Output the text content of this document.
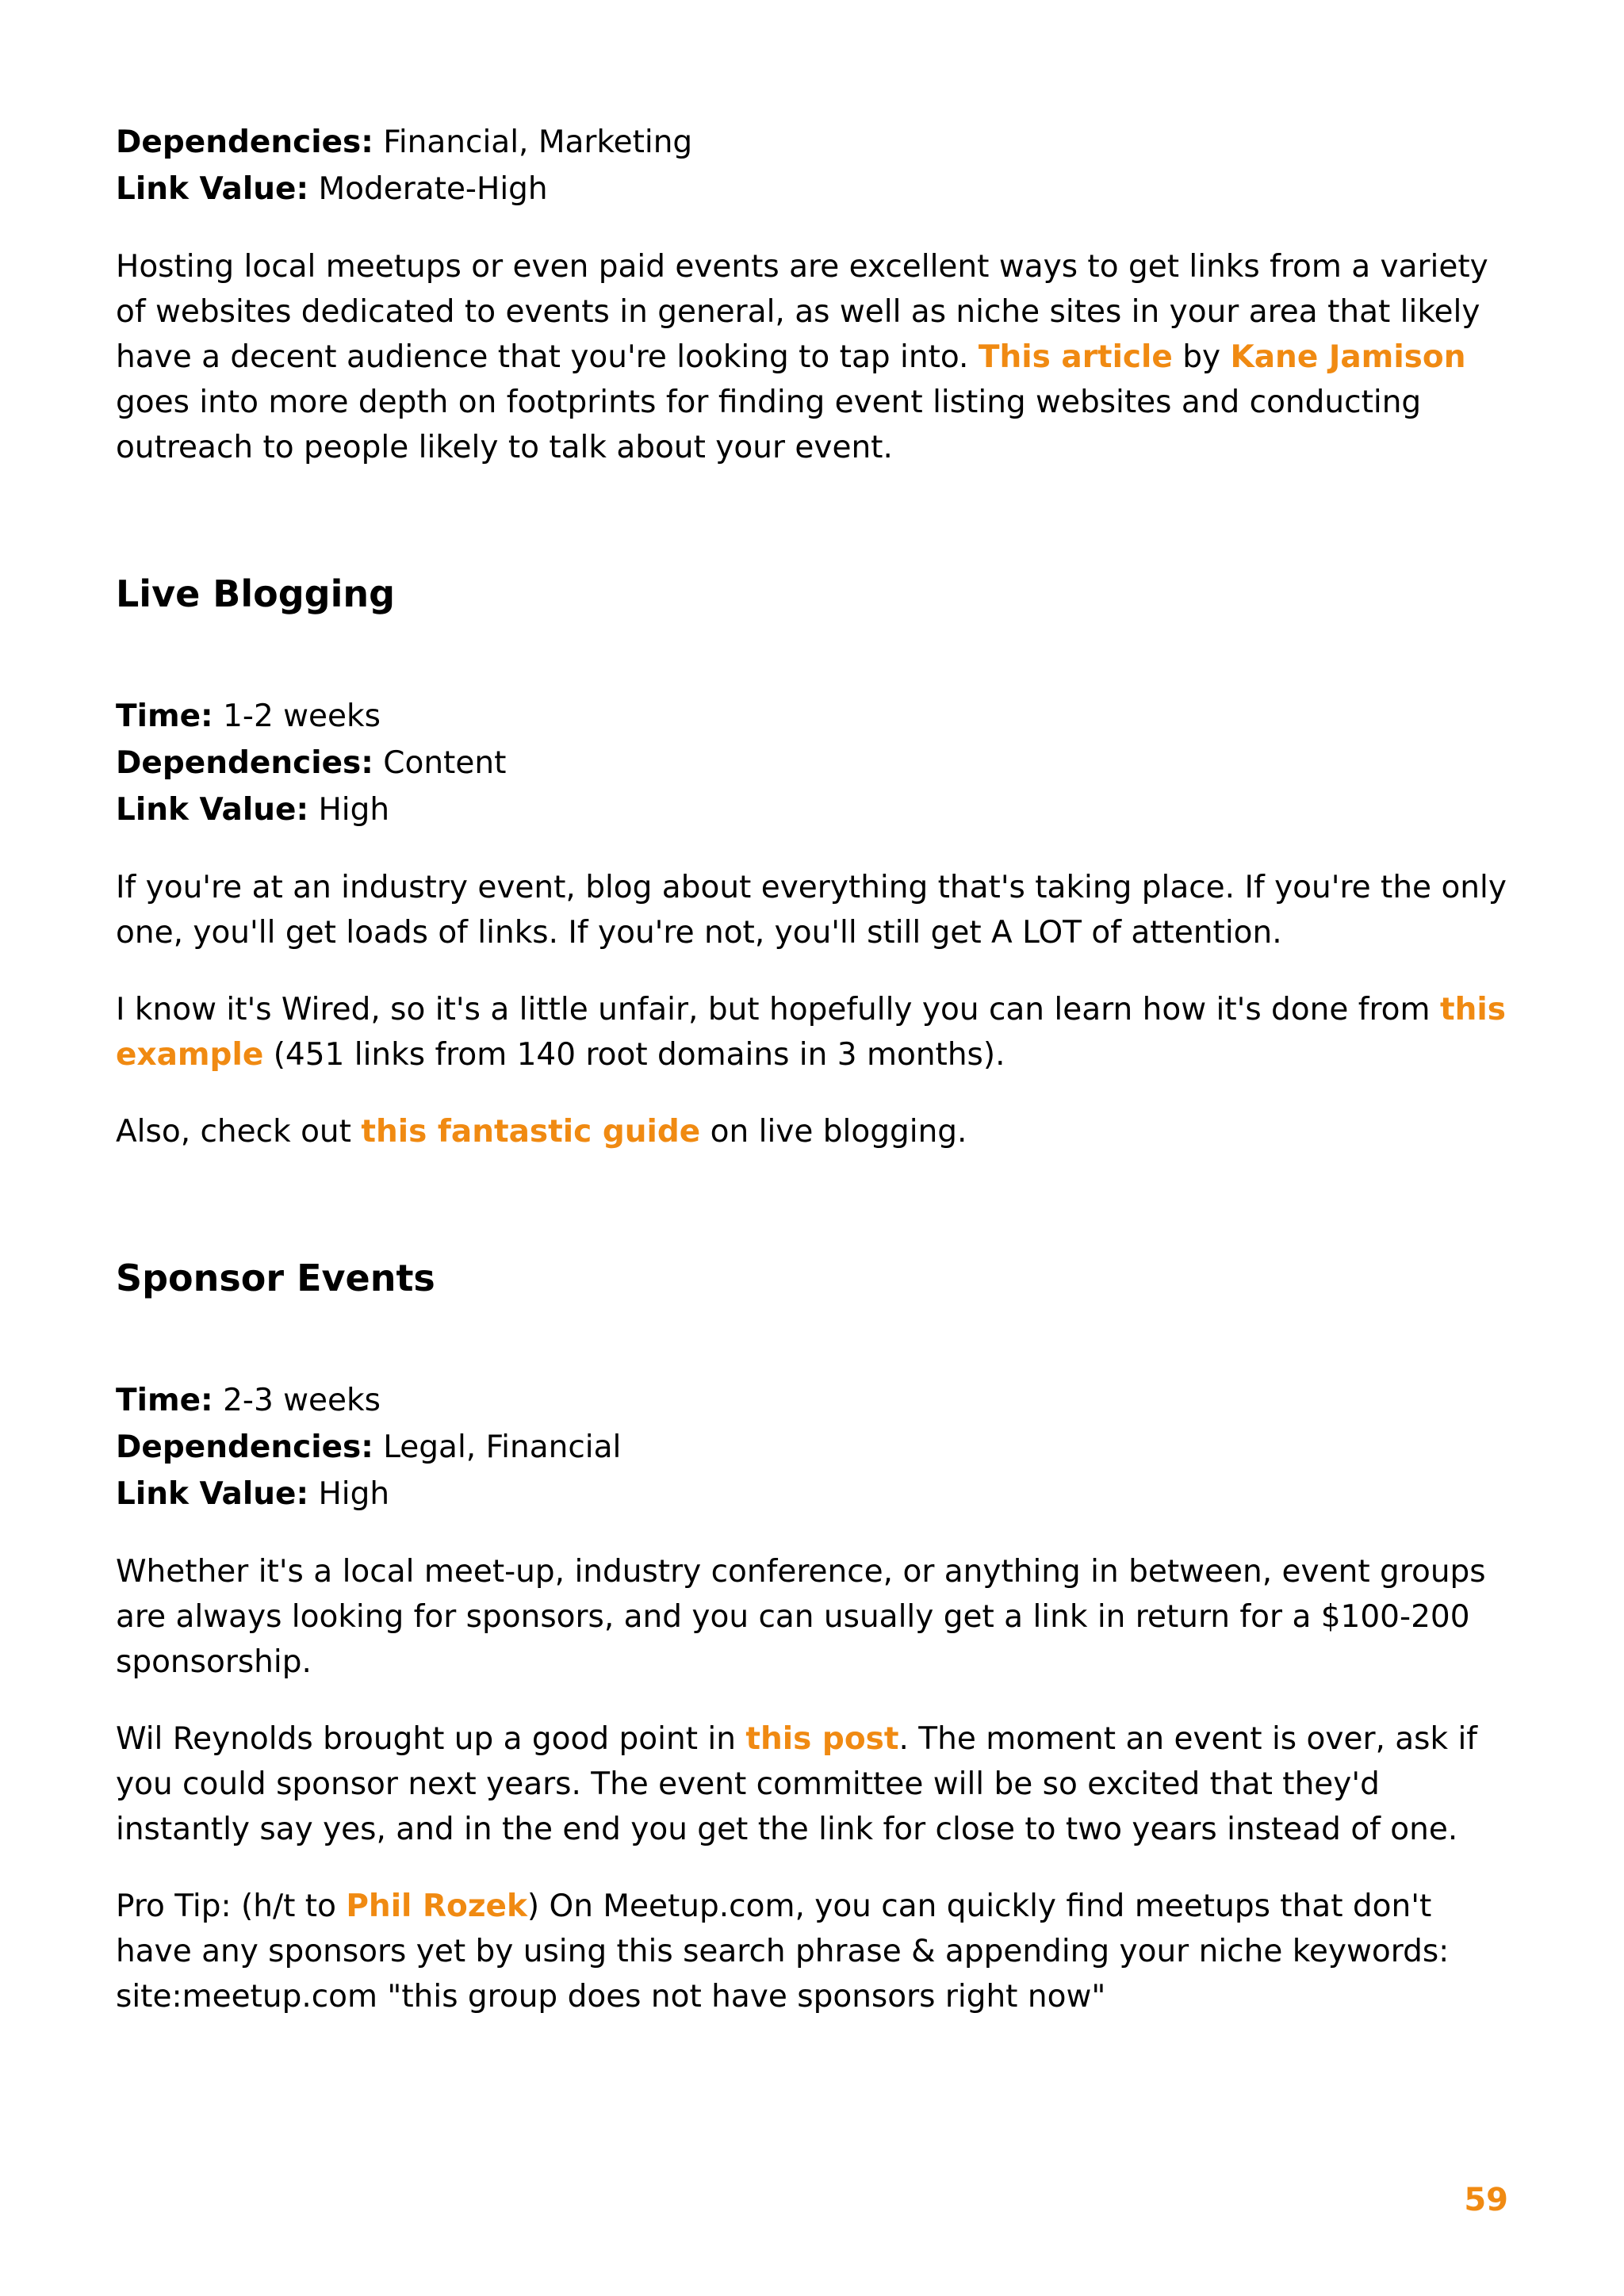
Dependencies: Financial, Marketing

Link Value: Moderate-High

Hosting local meetups or even paid events are excellent ways to get links from a variety of websites dedicated to events in general, as well as niche sites in your area that likely have a decent audience that you're looking to tap into. This article by Kane Jamison goes into more depth on footprints for finding event listing websites and conducting outreach to people likely to talk about your event.

Live Blogging

Time: 1-2 weeks

Dependencies: Content

Link Value: High

If you're at an industry event, blog about everything that's taking place. If you're the only one, you'll get loads of links. If you're not, you'll still get A LOT of attention.

I know it's Wired, so it's a little unfair, but hopefully you can learn how it's done from this example (451 links from 140 root domains in 3 months).

Also, check out this fantastic guide on live blogging.

Sponsor Events

Time: 2-3 weeks

Dependencies: Legal, Financial

Link Value: High

Whether it's a local meet-up, industry conference, or anything in between, event groups are always looking for sponsors, and you can usually get a link in return for a $100-200 sponsorship.

Wil Reynolds brought up a good point in this post. The moment an event is over, ask if you could sponsor next years. The event committee will be so excited that they'd instantly say yes, and in the end you get the link for close to two years instead of one.

Pro Tip: (h/t to Phil Rozek) On Meetup.com, you can quickly find meetups that don't have any sponsors yet by using this search phrase & appending your niche keywords: site:meetup.com "this group does not have sponsors right now"

59
